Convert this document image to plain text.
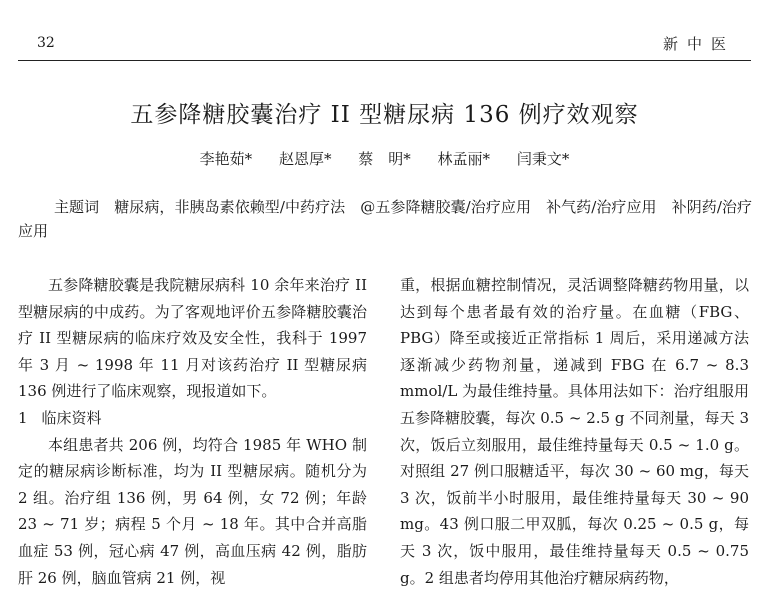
32	新中医
五参降糖胶囊治疗 II 型糖尿病 136 例疗效观察
李艳茹* 赵恩厚* 蔡　明* 林孟丽* 闫秉文*
主题词　糖尿病，非胰岛素依赖型/中药疗法　@五参降糖胶囊/治疗应用　补气药/治疗应用　补阴药/治疗应用

五参降糖胶囊是我院糖尿病科 10 余年来治疗 II 型糖尿病的中成药。为了客观地评价五参降糖胶囊治疗 II 型糖尿病的临床疗效及安全性，我科于 1997 年 3 月 ~ 1998 年 11 月对该药治疗 II 型糖尿病 136 例进行了临床观察，现报道如下。

1 临床资料

本组患者共 206 例，均符合 1985 年 WHO 制定的糖尿病诊断标准，均为 II 型糖尿病。随机分为 2 组。治疗组 136 例，男 64 例，女 72 例；年龄 23 ~ 71 岁；病程 5 个月 ~ 18 年。其中合并高脂血症 53 例，冠心病 47 例，高血压病 42 例，脂肪肝 26 例，脑血管病 21 例，视

重，根据血糖控制情况，灵活调整降糖药物用量，以达到每个患者最有效的治疗量。在血糖（FBG、PBG）降至或接近正常指标 1 周后，采用递减方法逐渐减少药物剂量，递减到 FBG 在 6.7 ~ 8.3 mmol/L 为最佳维持量。具体用法如下：治疗组服用五参降糖胶囊，每次 0.5 ~ 2.5 g 不同剂量，每天 3 次，饭后立刻服用，最佳维持量每天 0.5 ~ 1.0 g。对照组 27 例口服糖适平，每次 30 ~ 60 mg，每天 3 次，饭前半小时服用，最佳维持量每天 30 ~ 90 mg。43 例口服二甲双胍，每次 0.25 ~ 0.5 g，每天 3 次，饭中服用，最佳维持量每天 0.5 ~ 0.75 g。2 组患者均停用其他治疗糖尿病药物，
